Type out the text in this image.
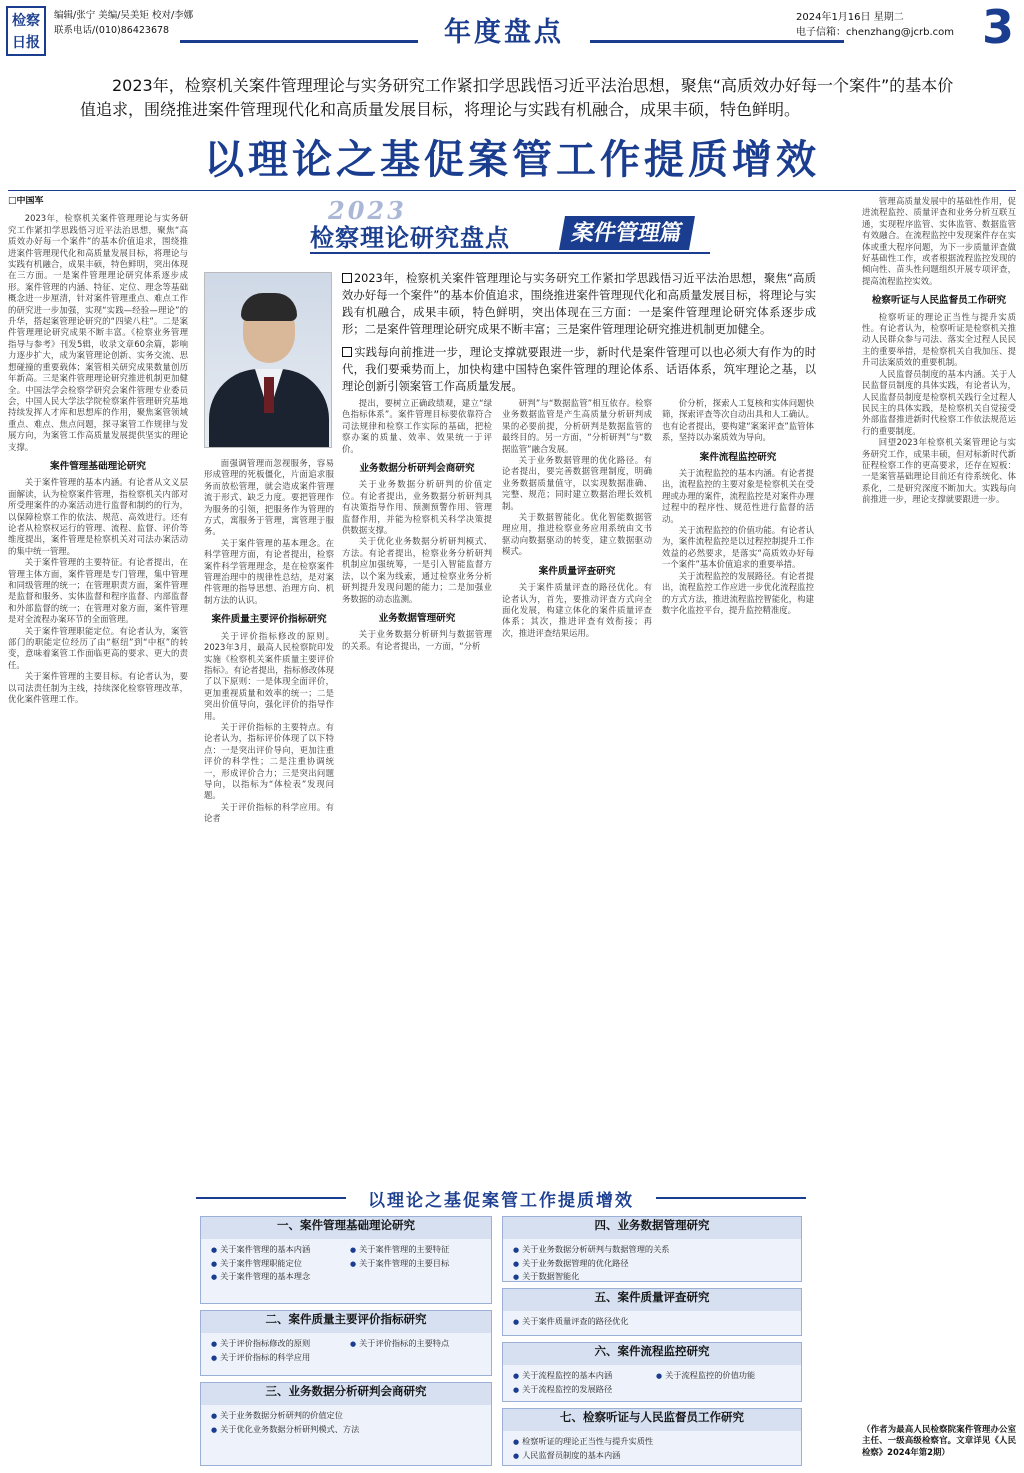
检察日报
编辑/张宁 美编/吴美矩 校对/李娜
联系电话/(010)86423678	年度盘点	2024年1月16日 星期二
电子信箱：chenzhang@jcrb.com 3
2023年，检察机关案件管理理论与实务研究工作紧扣学思践悟习近平法治思想，聚焦“高质效办好每一个案件”的基本价值追求，围绕推进案件管理现代化和高质量发展目标，将理论与实践有机融合，成果丰硕，特色鲜明。
以理论之基促案管工作提质增效
2023
检察理论研究盘点	案件管理篇

2023年，检察机关案件管理理论与实务研究工作紧扣学思践悟习近平法治思想，聚焦“高质效办好每一个案件”的基本价值追求，围绕推进案件管理现代化和高质量发展目标，将理论与实践有机融合，成果丰硕，特色鲜明，突出体现在三方面：一是案件管理理论研究体系逐步成形；二是案件管理理论研究成果不断丰富；三是案件管理理论研究推进机制更加健全。

实践每向前推进一步，理论支撑就要跟进一步，新时代是案件管理可以也必须大有作为的时代，我们要乘势而上，加快构建中国特色案件管理的理论体系、话语体系，筑牢理论之基，以理论创新引领案管工作高质量发展。

□中国军

2023年，检察机关案件管理理论与实务研究工作紧扣学思践悟习近平法治思想，聚焦“高质效办好每一个案件”的基本价值追求，围绕推进案件管理现代化和高质量发展目标，将理论与实践有机融合，成果丰硕，特色鲜明，突出体现在三方面。一是案件管理理论研究体系逐步成形。案件管理的内涵、特征、定位、理念等基础概念进一步厘清，针对案件管理重点、难点工作的研究进一步加强，实现“实践—经验—理论”的升华，搭起案管理论研究的“四梁八柱”。二是案件管理理论研究成果不断丰富。《检察业务管理指导与参考》刊发5辑，收录文章60余篇，影响力逐步扩大，成为案管理论创新、实务交流、思想碰撞的重要载体；案管相关研究成果数量创历年新高。三是案件管理理论研究推进机制更加健全。中国法学会检察学研究会案件管理专业委员会，中国人民大学法学院检察案件管理研究基地持续发挥人才库和思想库的作用，聚焦案管领域重点、难点、焦点问题，探寻案管工作规律与发展方向，为案管工作高质量发展提供坚实的理论支撑。

案件管理基础理论研究

关于案件管理的基本内涵。有论者从文义层面解读，认为检察案件管理，指检察机关内部对所受理案件的办案活动进行监督和制约的行为，以保障检察工作的依法、规范、高效进行。还有论者从检察权运行的管理、流程、监督、评价等维度提出，案件管理是检察机关对司法办案活动的集中统一管理。

关于案件管理的主要特征。有论者提出，在管理主体方面，案件管理是专门管理，集中管理和同级管理的统一；在管理职责方面，案件管理是监督和服务、实体监督和程序监督、内部监督和外部监督的统一；在管理对象方面，案件管理是对全流程办案环节的全面管理。

关于案件管理职能定位。有论者认为，案管部门的职能定位经历了由“枢纽”到“中枢”的转变，意味着案管工作面临更高的要求、更大的责任。

关于案件管理的主要目标。有论者认为，要以司法责任制为主线，持续深化检察管理改革，优化案件管理工作。

面强调管理而忽视服务，容易形成管理的死板僵化，片面追求服务而放松管理，就会造成案件管理流于形式、缺乏力度。要把管理作为服务的引领，把服务作为管理的方式，寓服务于管理，寓管理于服务。

关于案件管理的基本理念。在科学管理方面，有论者提出，检察案件科学管理理念，是在检察案件管理治理中的规律性总结，是对案件管理的指导思想、治理方向、机制方法的认识。

案件质量主要评价指标研究

关于评价指标修改的原则。2023年3月，最高人民检察院印发实施《检察机关案件质量主要评价指标》。有论者提出，指标修改体现了以下原则：一是体现全面评价，更加重视质量和效率的统一；二是突出价值导向，强化评价的指导作用。

关于评价指标的主要特点。有论者认为，指标评价体现了以下特点：一是突出评价导向，更加注重评价的科学性；二是注重协调统一，形成评价合力；三是突出问题导向，以指标为“体检表”发现问题。

关于评价指标的科学应用。有论者

提出，要树立正确政绩观，建立“绿色指标体系”。案件管理目标要依靠符合司法规律和检察工作实际的基础，把检察办案的质量、效率、效果统一于评价。

业务数据分析研判会商研究

关于业务数据分析研判的价值定位。有论者提出，业务数据分析研判具有决策指导作用、预测预警作用、管理监督作用，并能为检察机关科学决策提供数据支撑。

关于优化业务数据分析研判模式、方法。有论者提出，检察业务分析研判机制应加强统筹，一是引入智能监督方法，以个案为线索，通过检察业务分析研判提升发现问题的能力；二是加强业务数据的动态监测。

业务数据管理研究

关于业务数据分析研判与数据管理的关系。有论者提出，一方面，“分析

研判”与“数据监管”相互依存。检察业务数据监管是产生高质量分析研判成果的必要前提，分析研判是数据监管的最终目的。另一方面，“分析研判”与“数据监管”融合发展。

关于业务数据管理的优化路径。有论者提出，要完善数据管理制度，明确业务数据质量值守，以实现数据准确、完整、规范；同时建立数据治理长效机制。

关于数据智能化。优化智能数据管理应用，推进检察业务应用系统由文书驱动向数据驱动的转变，建立数据驱动模式。

案件质量评查研究

关于案件质量评查的路径优化。有论者认为，首先，要推动评查方式向全面化发展，构建立体化的案件质量评查体系；其次，推进评查有效衔接；再次，推进评查结果运用。

价分析，探索人工复核和实体问题快筛，探索评查等次自动出具和人工确认。也有论者提出，要构建“案案评查”监管体系，坚持以办案质效为导向。

案件流程监控研究

关于流程监控的基本内涵。有论者提出，流程监控的主要对象是检察机关在受理或办理的案件，流程监控是对案件办理过程中的程序性、规范性进行监督的活动。

关于流程监控的价值功能。有论者认为，案件流程监控是以过程控制提升工作效益的必然要求，是落实“高质效办好每一个案件”基本价值追求的重要举措。

关于流程监控的发展路径。有论者提出，流程监控工作应进一步优化流程监控的方式方法，推进流程监控智能化，构建数字化监控平台，提升监控精准度。

管理高质量发展中的基础性作用，促进流程监控、质量评查和业务分析互联互通，实现程序监管、实体监管、数据监管有效融合。在流程监控中发现案件存在实体或重大程序问题，为下一步质量评查做好基础性工作，或者根据流程监控发现的倾向性、苗头性问题组织开展专项评查，提高流程监控实效。

检察听证与人民监督员工作研究

检察听证的理论正当性与提升实质性。有论者认为，检察听证是检察机关推动人民群众参与司法、落实全过程人民民主的重要举措，是检察机关自我加压、提升司法案质效的重要机制。

人民监督员制度的基本内涵。关于人民监督员制度的具体实践，有论者认为，人民监督员制度是检察机关践行全过程人民民主的具体实践，是检察机关自觉接受外部监督推进新时代检察工作依法规范运行的重要制度。

回望2023年检察机关案管理论与实务研究工作，成果丰硕，但对标新时代新征程检察工作的更高要求，还存在短板：一是案管基础理论目前还有待系统化、体系化，二是研究深度不断加大。实践每向前推进一步，理论支撑就要跟进一步。

（作者为最高人民检察院案件管理办公室主任、一级高级检察官。文章详见《人民检察》2024年第2期）
以理论之基促案管工作提质增效
一、案件管理基础理论研究
● 关于案件管理的基本内涵
● 关于案件管理职能定位
● 关于案件管理的基本理念
● 关于案件管理的主要特征
● 关于案件管理的主要目标
二、案件质量主要评价指标研究
● 关于评价指标修改的原则
● 关于评价指标的科学应用
● 关于评价指标的主要特点
三、业务数据分析研判会商研究
● 关于业务数据分析研判的价值定位
● 关于优化业务数据分析研判模式、方法
四、业务数据管理研究
● 关于业务数据分析研判与数据管理的关系
● 关于业务数据管理的优化路径
● 关于数据智能化
五、案件质量评查研究
● 关于案件质量评查的路径优化
六、案件流程监控研究
● 关于流程监控的基本内涵
● 关于流程监控的发展路径
● 关于流程监控的价值功能
七、检察听证与人民监督员工作研究
● 检察听证的理论正当性与提升实质性
● 人民监督员制度的基本内涵
